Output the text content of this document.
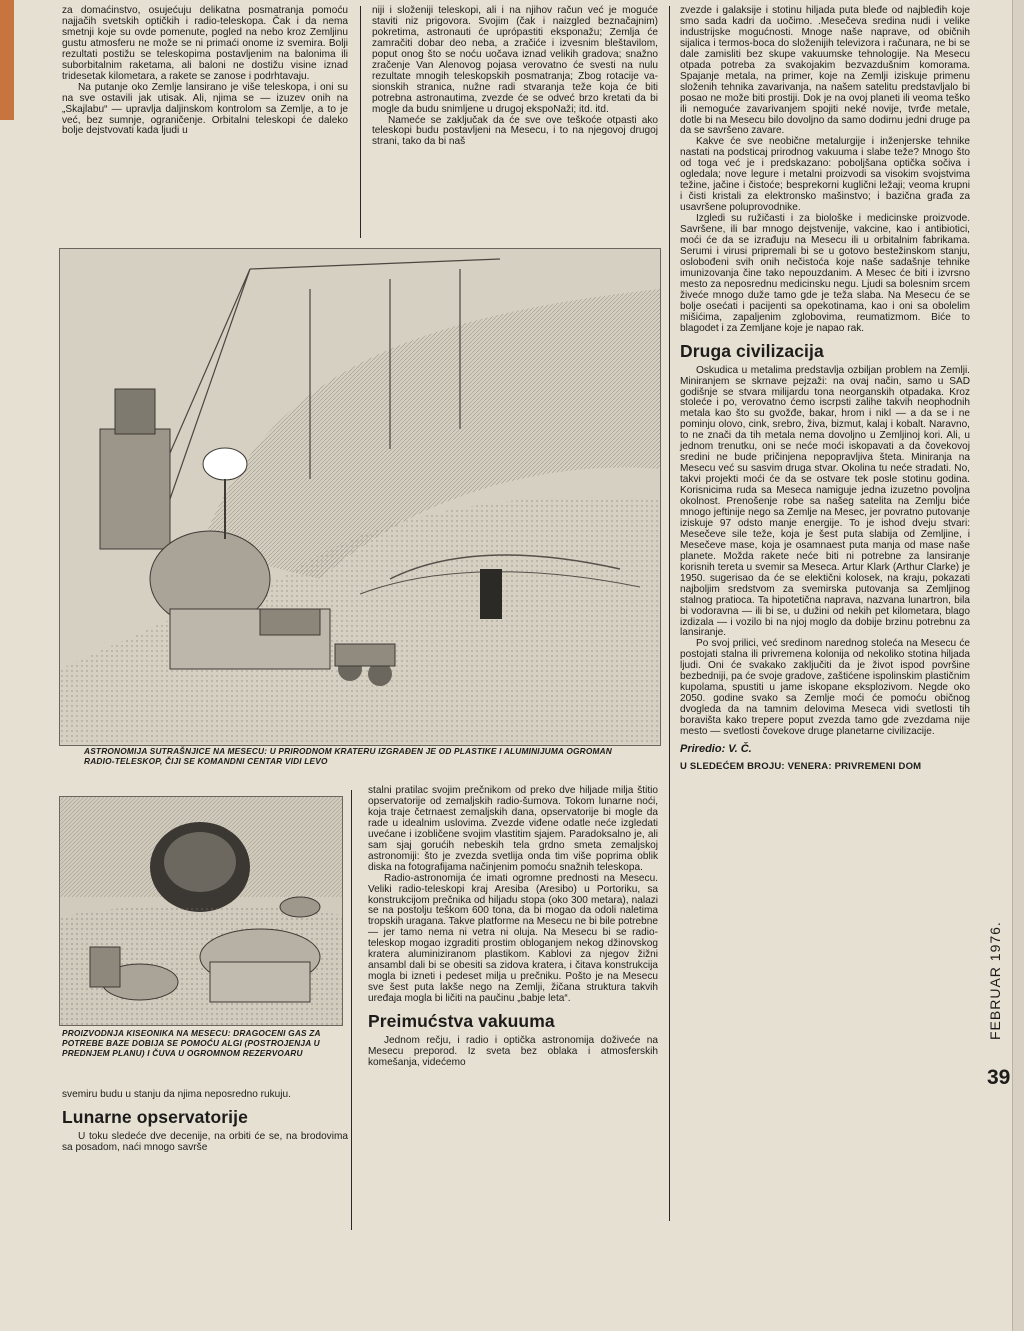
za domaćinstvo, osujećuju delikatna posmatranja pomoću najjačih svetskih optičkih i radio-teleskopa. Čak i da nema smetnji koje su ovde pomenute, pogled na nebo kroz Zemljinu gustu atmosferu ne može se ni primaći onome iz svemira. Bolji rezultati postižu se teleskopima postavljenim na balonima ili suborbitalnim raketama, ali baloni ne dostižu visine iznad tridesetak kilometara, a rakete se zanose i podrhtavaju.

Na putanje oko Zemlje lansirano je više teleskopa, i oni su na sve ostavili jak utisak. Ali, njima se — izuzev onih na „Skajlabu“ — upravlja daljinskom kontrolom sa Zemlje, a to je već, bez sumnje, ograničenje. Orbitalni teleskopi će daleko bolje dejstvovati kada ljudi u

niji i složeniji teleskopi, ali i na njihov račun već je moguće staviti niz prigovora. Svojim (čak i naizgled beznačajnim) pokretima, astronauti će uprópastiti eksponažu; Zemlja će zamračiti dobar deo neba, a zračiće i izvesnim bleštavilom, poput onog što se noću uočava iznad velikih gradova; snažno zračenje Van Alenovog pojasa verovatno će svesti na nulu rezultate mnogih teleskopskih posmatranja; Zbog rotacije vasionskih stranica, nužne radi stvaranja teže koja će biti potrebna astronautima, zvezde će se odveć brzo kretati da bi mogle da budu snimljene u drugoj ekspoNaži; itd. itd.

Nameće se zaključak da će sve ove teškoće otpasti ako teleskopi budu postavljeni na Mesecu, i to na njegovoj drugoj strani, tako da bi naš

zvezde i galaksije i stotinu hiljada puta bleđe od najbleđih koje smo sada kadri da uočimo. .Mesečeva sredina nudi i velike industrijske mogućnosti. Mnoge naše naprave, od običnih sijalica i termos-boca do složenijih televizora i računara, ne bi se dale zamisliti bez skupe vakuumske tehnologije. Na Mesecu otpada potreba za svakojakim bezvazdušnim komorama. Spajanje metala, na primer, koje na Zemlji iziskuje primenu složenih tehnika zavarivanja, na našem satelitu predstavljalo bi posao ne može biti prostiji. Dok je na ovoj planeti ili veoma teško ili nemoguće zavarivanjem spojiti neké novije, tvrđe metale, dotle bi na Mesecu bilo dovoljno da samo dodirnu jedni druge pa da se savršeno zavare.

Kakve će sve neobične metalurgije i inženjerske tehnike nastati na podsticaj prirodnog vakuuma i slabe teže? Mnogo što od toga već je i predskazano: poboljšana optička sočiva i ogledala; nove legure i metalni proizvodi sa visokim svojstvima težine, jačine i čistoće; besprekorni kuglični ležaji; veoma krupni i čisti kristali za elektronsko mašinstvo; i bazična građa za usavršene poluprovodnike.

Izgledi su ružičasti i za biološke i medicinske proizvode. Savršene, ili bar mnogo dejstvenije, vakcine, kao i antibiotici, moći će da se izrađuju na Mesecu ili u orbitalnim fabrikama. Serumi i virusi pripremali bi se u gotovo bestežinskom stanju, oslobođeni svih onih nečistoća koje naše sadašnje tehnike imunizovanja čine tako nepouzdanim. A Mesec će biti i izvrsno mesto za neposrednu medicinsku negu. Ljudi sa bolesnim srcem živeće mnogo duže tamo gde je teža slaba. Na Mesecu će se bolje osećati i pacijenti sa opekotinama, kao i oni sa obolelim mišićima, zapaljenim zglobovima, reumatizmom. Biće to blagodet i za Zemljane koje je napao rak.

Druga civilizacija

Oskudica u metalima predstavlja ozbiljan problem na Zemlji. Miniranjem se skrnave pejzaži: na ovaj način, samo u SAD godišnje se stvara milijardu tona neorganskih otpadaka. Kroz stoleće i po, verovatno ćemo iscrpsti zalihe takvih neophodnih metala kao što su gvožđe, bakar, hrom i nikl — a da se i ne pominju olovo, cink, srebro, živa, bizmut, kalaj i kobalt. Naravno, to ne znači da tih metala nema dovoljno u Zemljinoj kori. Ali, u jednom trenutku, oni se neće moći iskopavati a da čovekovoj sredini ne bude pričinjena nepopravljiva šteta. Miniranja na Mesecu već su sasvim druga stvar. Okolina tu neće stradati. No, takvi projekti moći će da se ostvare tek posle stotinu godina. Korisnicima ruda sa Meseca namiguje jedna izuzetno povoljna okolnost. Prenošenje robe sa našeg satelita na Zemlju biće mnogo jeftinije nego sa Zemlje na Mesec, jer povratno putovanje iziskuje 97 odsto manje energije. To je ishod dveju stvari: Mesečeve sile teže, koja je šest puta slabija od Zemljine, i Mesečeve mase, koja je osamnaest puta manja od mase naše planete. Možda rakete neće biti ni potrebne za lansiranje korisnih tereta u svemir sa Meseca. Artur Klark (Arthur Clarke) je 1950. sugerisao da će se elektični kolosek, na kraju, pokazati najboljim sredstvom za svemirska putovanja sa Zemljinog stalnog pratioca. Ta hipotetična naprava, nazvana lunartron, bila bi vodoravna — ili bi se, u dužini od nekih pet kilometara, blago izdizala — i vozilo bi na njoj moglo da dobije brzinu potrebnu za lansiranje.

Po svoj prilici, već sredinom narednog stoleća na Mesecu će postojati stalna ili privremena kolonija od nekoliko stotina hiljada ljudi. Oni će svakako zaključiti da je život ispod površine bezbedniji, pa će svoje gradove, zaštićene ispolinskim plastičnim kupolama, spustiti u jame iskopane eksplozivom. Negde oko 2050. godine svako sa Zemlje moći će pomoću običnog dvogleda da na tamnim delovima Meseca vidi svetlosti tih boravišta kako trepere poput zvezda tamo gde zvezdama nije mesto — svetlosti čovekove druge planetarne civilizacije.

Priredio: V. Č.
U SLEDEĆEM BROJU: VENERA: PRIVREMENI DOM
ASTRONOMIJA SUTRAŠNJICE NA MESECU: U PRIRODNOM KRATERU IZGRAĐEN JE OD PLASTIKE I ALUMINIJUMA OGROMAN RADIO-TELESKOP, ČIJI SE KOMANDNI CENTAR VIDI LEVO
PROIZVODNJA KISEONIKA NA MESECU: DRAGOCENI GAS ZA POTREBE BAZE DOBIJA SE POMOĆU ALGI (POSTROJENJA U PREDNJEM PLANU) I ČUVA U OGROMNOM REZERVOARU

svemiru budu u stanju da njima neposredno rukuju.

Lunarne opservatorije

U toku sledeće dve decenije, na orbiti će se, na brodovima sa posadom, naći mnogo savrše

stalni pratilac svojim prečnikom od preko dve hiljade milja štitio opservatorije od zemaljskih radio-šumova. Tokom lunarne noći, koja traje četrnaest zemaljskih dana, opservatorije bi mogle da rade u idealnim uslovima. Zvezde viđene odatle neće izgledati uvećane i izobličene svojim vlastitim sjajem. Paradoksalno je, ali sam sjaj gorućih nebeskih tela grdno smeta zemaljskoj astronomiji: što je zvezda svetlija onda tim više poprima oblik diska na fotografijama načinjenim pomoću snažnih teleskopa.

Radio-astronomija će imati ogromne prednosti na Mesecu. Veliki radio-teleskopi kraj Aresiba (Aresibo) u Portoriku, sa konstrukcijom prečnika od hiljadu stopa (oko 300 metara), nalazi se na postolju teškom 600 tona, da bi mogao da odoli naletima tropskih uragana. Takve platforme na Mesecu ne bi bile potrebne — jer tamo nema ni vetra ni oluja. Na Mesecu bi se radio-teleskop mogao izgraditi prostim obloganjem nekog džinovskog kratera aluminiziranom plastikom. Kablovi za njegov žižni ansambl dali bi se obesiti sa zidova kratera, i čitava konstrukcija mogla bi izneti i pedeset milja u prečniku. Pošto je na Mesecu sve šest puta lakše nego na Zemlji, žičana struktura takvih uređaja mogla bi ličiti na paučinu „babje leta“.

Preimućstva vakuuma

Jednom rečju, i radio i optička astronomija doživeće na Mesecu preporod. Iz sveta bez oblaka i atmosferskih komešanja, videćemo

FEBRUAR 1976.
39
